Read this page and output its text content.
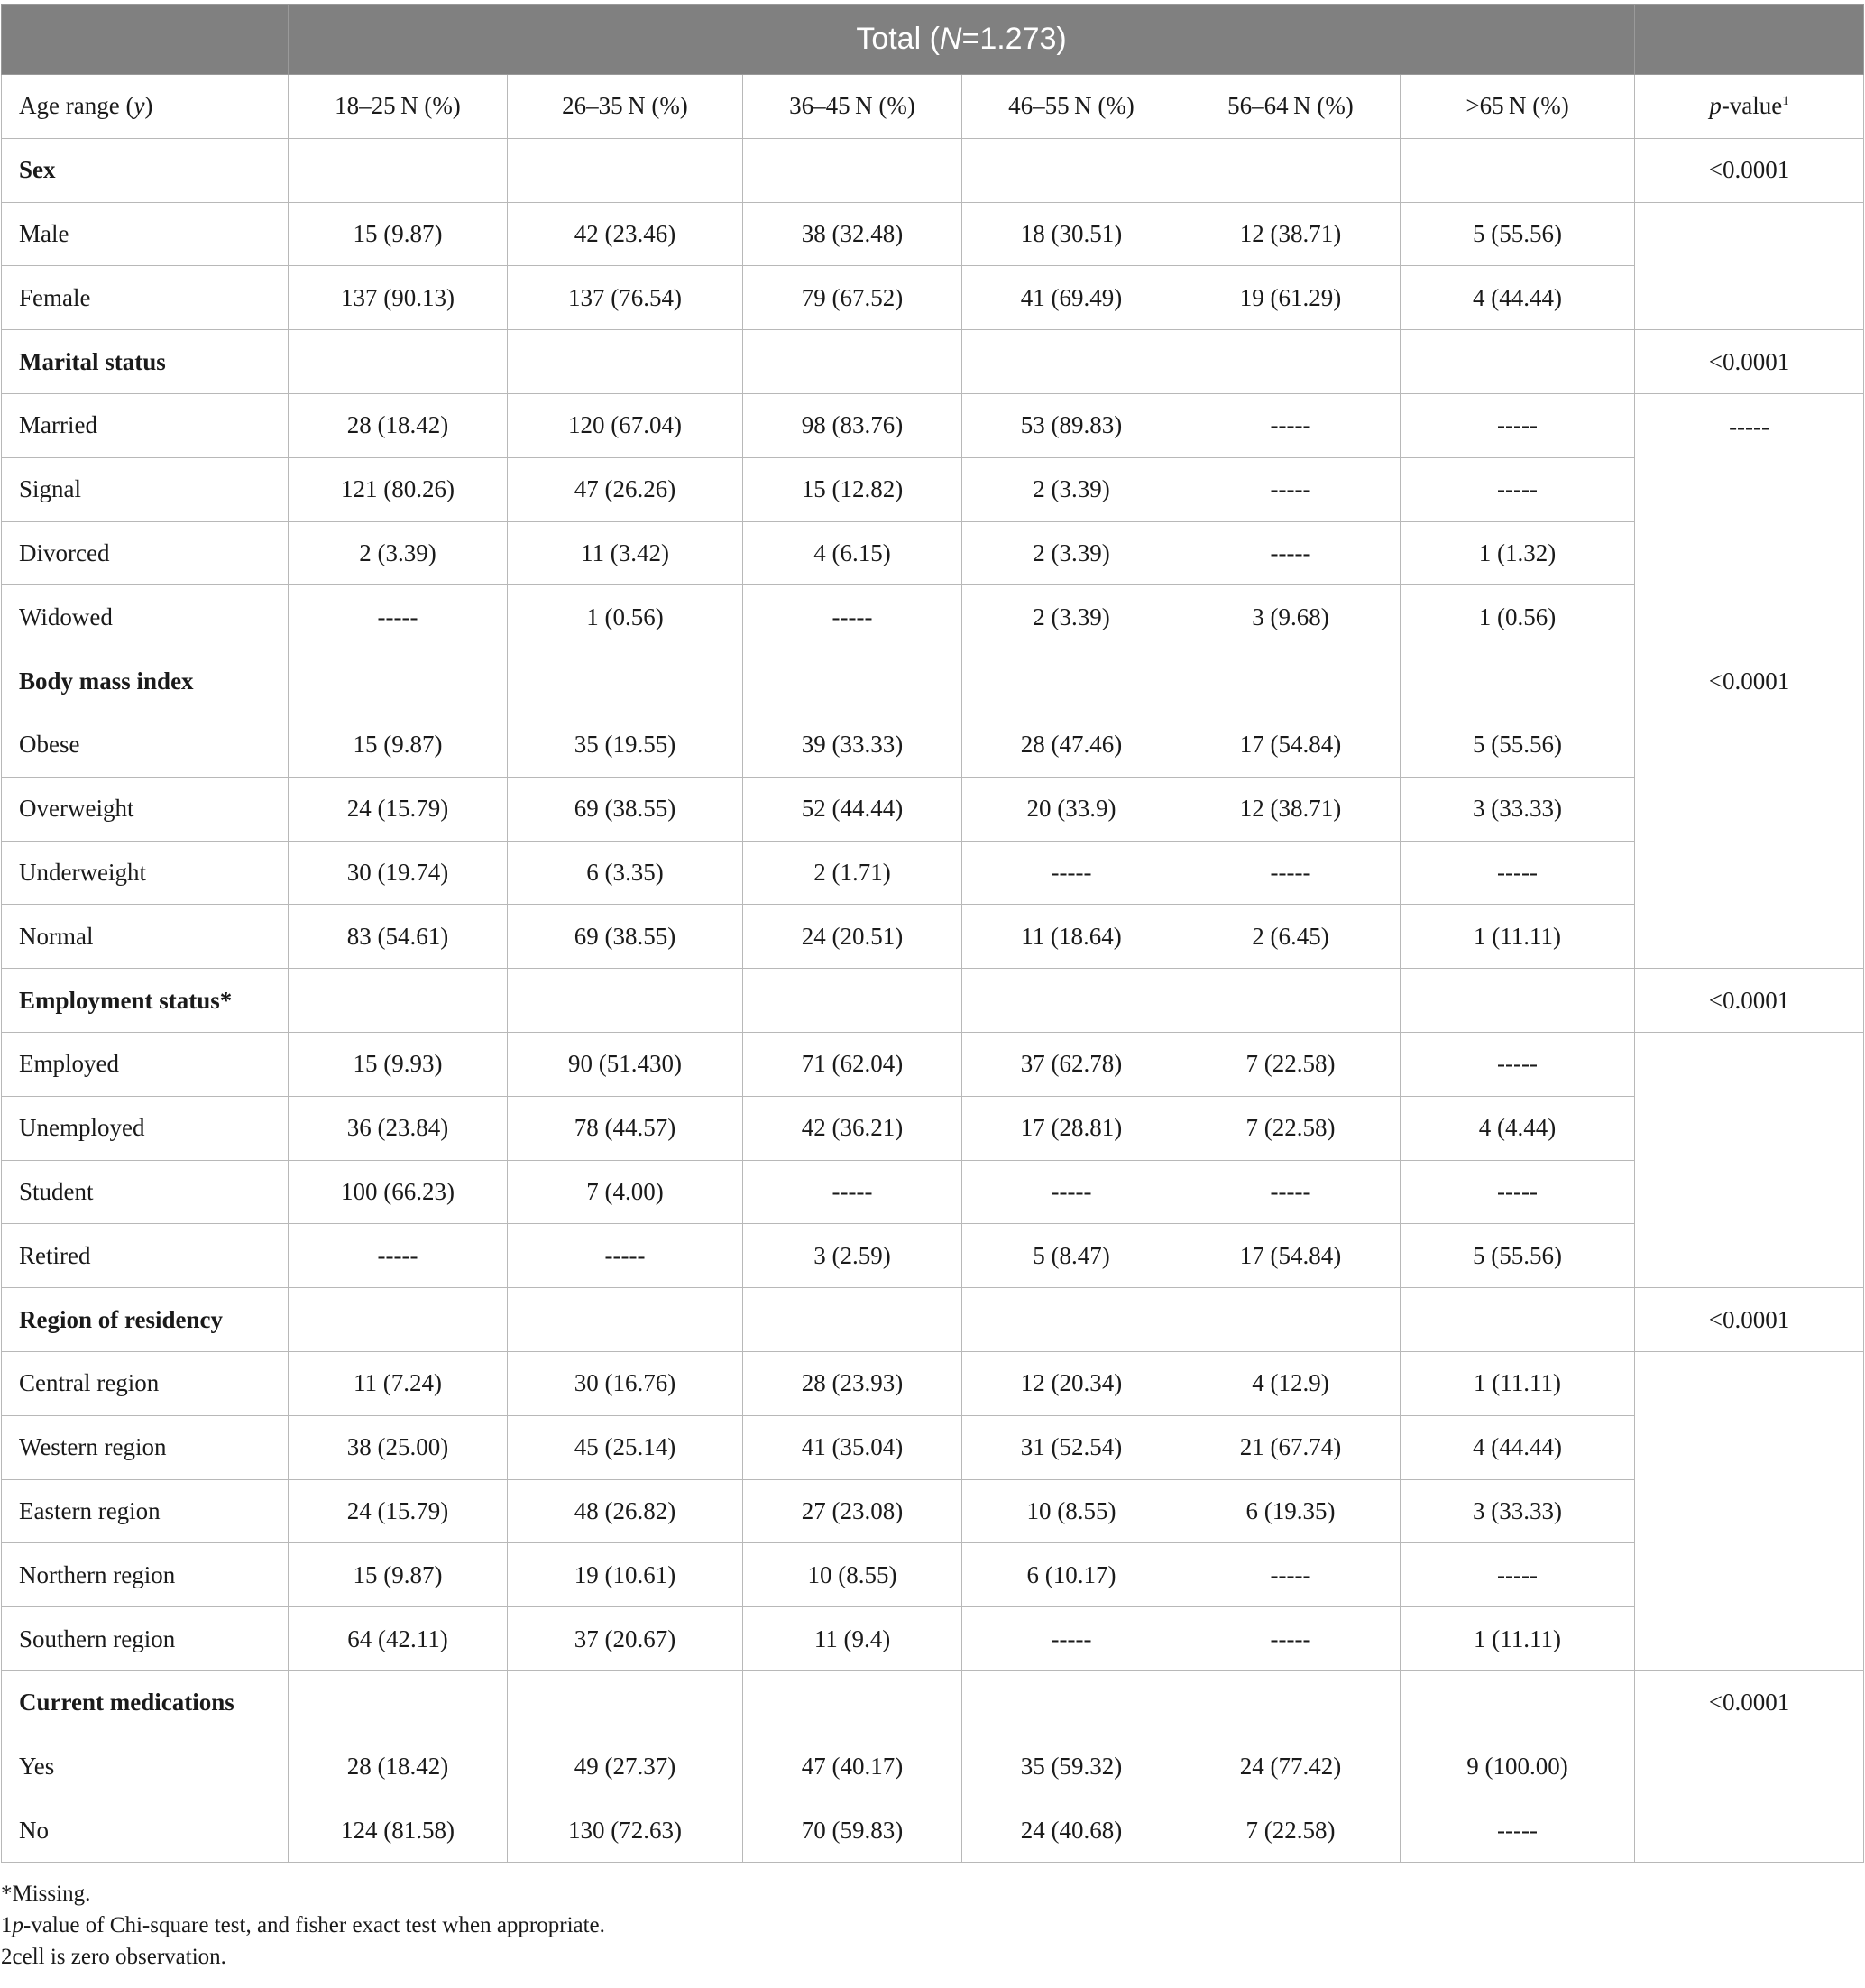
	Total (N=1.273)						
Age range (y)	18–25 N (%)	26–35 N (%)	36–45 N (%)	46–55 N (%)	56–64 N (%)	>65 N (%)	p-value$^1$
Sex							<0.0001
Male	15 (9.87)	42 (23.46)	38 (32.48)	18 (30.51)	12 (38.71)	5 (55.56)	
Female	137 (90.13)	137 (76.54)	79 (67.52)	41 (69.49)	19 (61.29)	4 (44.44)	
Marital status							<0.0001
Married	28 (18.42)	120 (67.04)	98 (83.76)	53 (89.83)	-----	-----	-----
Signal	121 (80.26)	47 (26.26)	15 (12.82)	2 (3.39)	-----	-----	
Divorced	2 (3.39)	11 (3.42)	4 (6.15)	2 (3.39)	-----	1 (1.32)	
Widowed	-----	1 (0.56)	-----	2 (3.39)	3 (9.68)	1 (0.56)	
Body mass index							<0.0001
Obese	15 (9.87)	35 (19.55)	39 (33.33)	28 (47.46)	17 (54.84)	5 (55.56)	
Overweight	24 (15.79)	69 (38.55)	52 (44.44)	20 (33.9)	12 (38.71)	3 (33.33)	
Underweight	30 (19.74)	6 (3.35)	2 (1.71)	-----	-----	-----	
Normal	83 (54.61)	69 (38.55)	24 (20.51)	11 (18.64)	2 (6.45)	1 (11.11)	
Employment status*							<0.0001
Employed	15 (9.93)	90 (51.430)	71 (62.04)	37 (62.78)	7 (22.58)	-----	
Unemployed	36 (23.84)	78 (44.57)	42 (36.21)	17 (28.81)	7 (22.58)	4 (4.44)	
Student	100 (66.23)	7 (4.00)	-----	-----	-----	-----	
Retired	-----	-----	3 (2.59)	5 (8.47)	17 (54.84)	5 (55.56)	
Region of residency							<0.0001
Central region	11 (7.24)	30 (16.76)	28 (23.93)	12 (20.34)	4 (12.9)	1 (11.11)	
Western region	38 (25.00)	45 (25.14)	41 (35.04)	31 (52.54)	21 (67.74)	4 (44.44)	
Eastern region	24 (15.79)	48 (26.82)	27 (23.08)	10 (8.55)	6 (19.35)	3 (33.33)	
Northern region	15 (9.87)	19 (10.61)	10 (8.55)	6 (10.17)	-----	-----	
Southern region	64 (42.11)	37 (20.67)	11 (9.4)	-----	-----	1 (11.11)	
Current medications							<0.0001
Yes	28 (18.42)	49 (27.37)	47 (40.17)	35 (59.32)	24 (77.42)	9 (100.00)	
No	124 (81.58)	130 (72.63)	70 (59.83)	24 (40.68)	7 (22.58)	-----	
*Missing.
1p-value of Chi-square test, and fisher exact test when appropriate.
2cell is zero observation.
